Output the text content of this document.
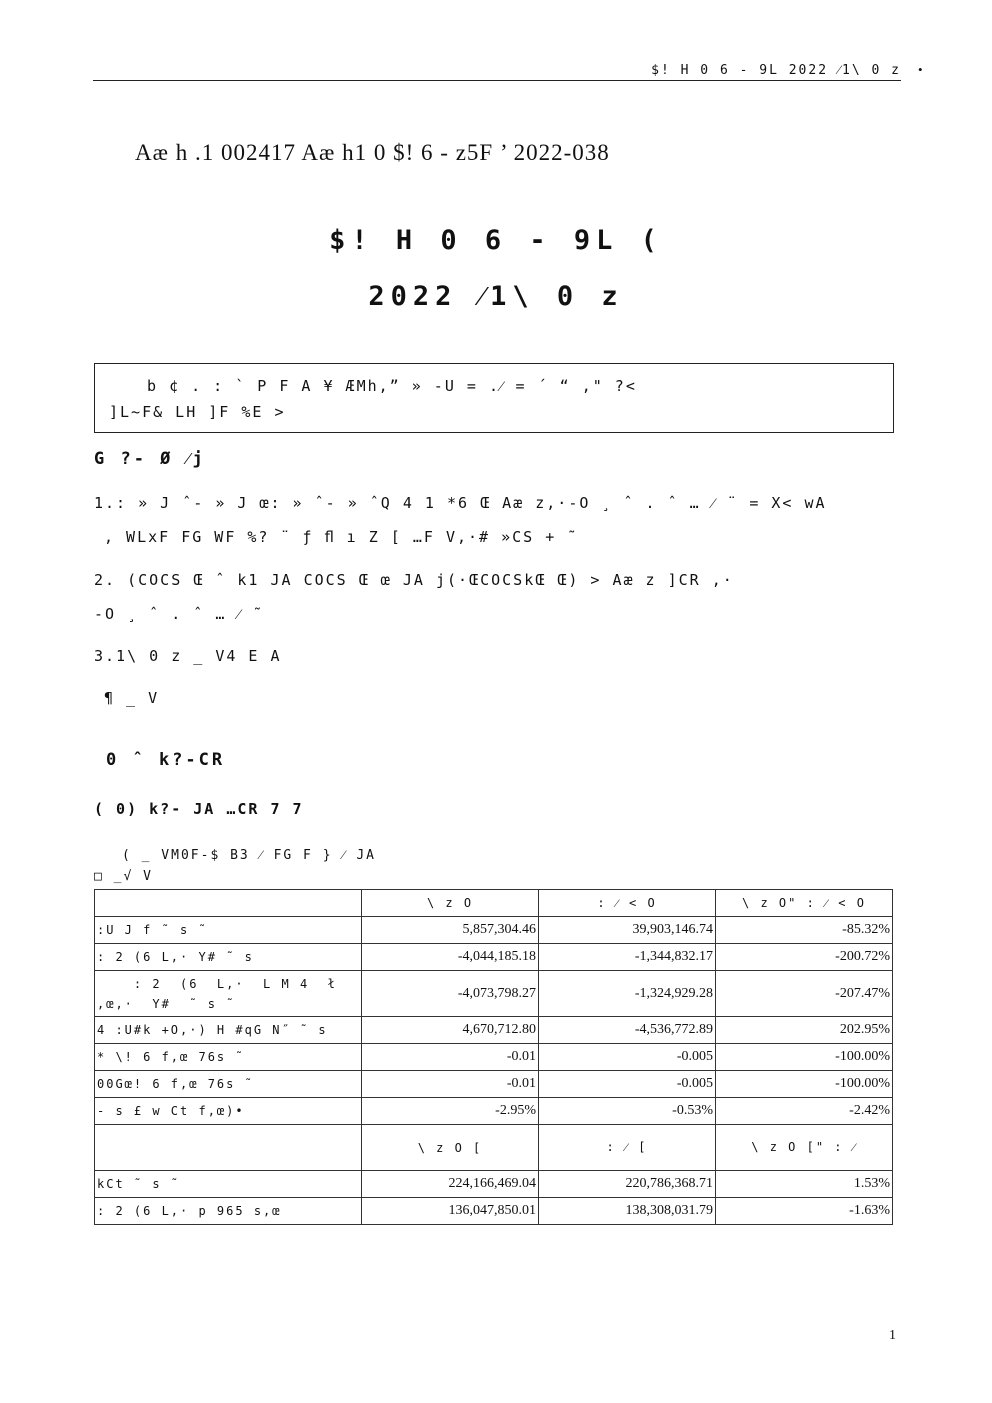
$! H 0 6 - 9L 2022 ⁄1\ 0 z •
Aæ h .1 002417 Aæ h1 0 $! 6 - z5F ’ 2022-038
$! H 0 6 - 9L (
2022 ⁄1\ 0 z
b ¢ . : ` P F A ¥ ÆMh,” » -U = .⁄ = ´ “ ," ?<
]L~F& LH ]F %E >
G ?- Ø ⁄j
1.: » J ˆ- » J œ: » ˆ- » ˆQ 4 1 *6 Œ Aæ z,·-O ¸ ˆ . ˆ … ⁄ ¨ = X< wA
, WLxF FG WF %? ¨ ƒ ﬂ ı Z [ …F V,·# »CS + ˜
2. (COCS Œ ˆ k1 JA COCS Œ œ JA j(·ŒCOCSkŒ Œ) > Aæ z ]CR ,·
-O ¸ ˆ . ˆ … ⁄ ˜
3.1\ 0 z _ V4 E A
¶ _ V
0 ˆ k?-CR
( 0) k?- JA …CR 7 7
( _ VM0F-$ B3 ⁄ FG F } ⁄ JA
□ _√ V
	\ z O	: ⁄ < O	\ z O" : ⁄ < O
:U J f ˜ s ˜	5,857,304.46	39,903,146.74	-85.32%
: 2 (6 L,· Y# ˜ s	-4,044,185.18	-1,344,832.17	-200.72%
: 2  (6  L,·  L M 4  ł
,œ,·  Y#  ˜ s ˜	-4,073,798.27	-1,324,929.28	-207.47%
4 :U#k +O,·) H #qG N˝ ˜ s	4,670,712.80	-4,536,772.89	202.95%
* \! 6 f,œ 76s ˜	-0.01	-0.005	-100.00%
00Gœ! 6 f,œ 76s ˜	-0.01	-0.005	-100.00%
- s £ w Ct f,œ)•	-2.95%	-0.53%	-2.42%
	\ z O [	: ⁄ [	\ z O [" : ⁄
kCt ˜ s ˜	224,166,469.04	220,786,368.71	1.53%
: 2 (6 L,· p 965 s,œ	136,047,850.01	138,308,031.79	-1.63%
1
